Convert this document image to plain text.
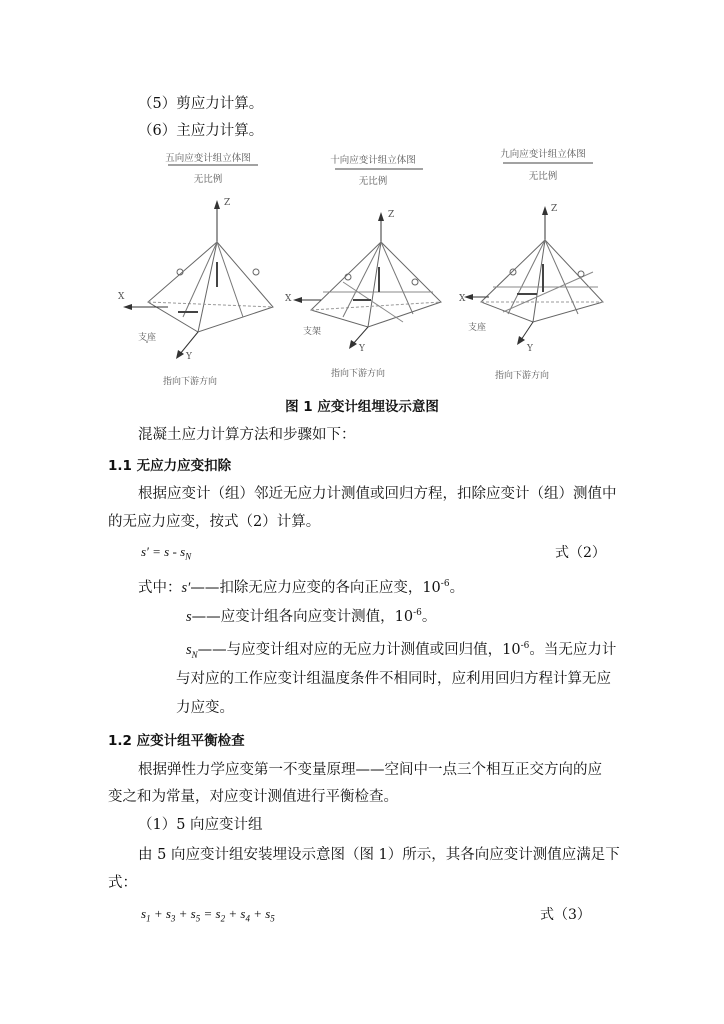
（5）剪应力计算。
（6）主应力计算。
五向应变计组立体图
无比例
Z
X
Y
支座
指向下游方向
十向应变计组立体图
无比例
Z
X
Y
支架
指向下游方向
九向应变计组立体图
无比例
Z
X
Y
支座
指向下游方向
图 1 应变计组埋设示意图
混凝土应力计算方法和步骤如下：
1.1 无应力应变扣除
根据应变计（组）邻近无应力计测值或回归方程，扣除应变计（组）测值中
的无应力应变，按式（2）计算。
$s' = s - s_N$	式（2）
式中：s′——扣除无应力应变的各向正应变，$10^{-6}$。
s——应变计组各向应变计测值，$10^{-6}$。
$s_N——$与应变计组对应的无应力计测值或回归值，$10^{-6}$。当无应力计
与对应的工作应变计组温度条件不相同时，应利用回归方程计算无应
力应变。
1.2 应变计组平衡检查
根据弹性力学应变第一不变量原理——空间中一点三个相互正交方向的应
变之和为常量，对应变计测值进行平衡检查。
（1）5 向应变计组
由 5 向应变计组安装埋设示意图（图 1）所示，其各向应变计测值应满足下
式：
$s_1 + s_3 + s_5 = s_2 + s_4 + s_5$	式（3）
